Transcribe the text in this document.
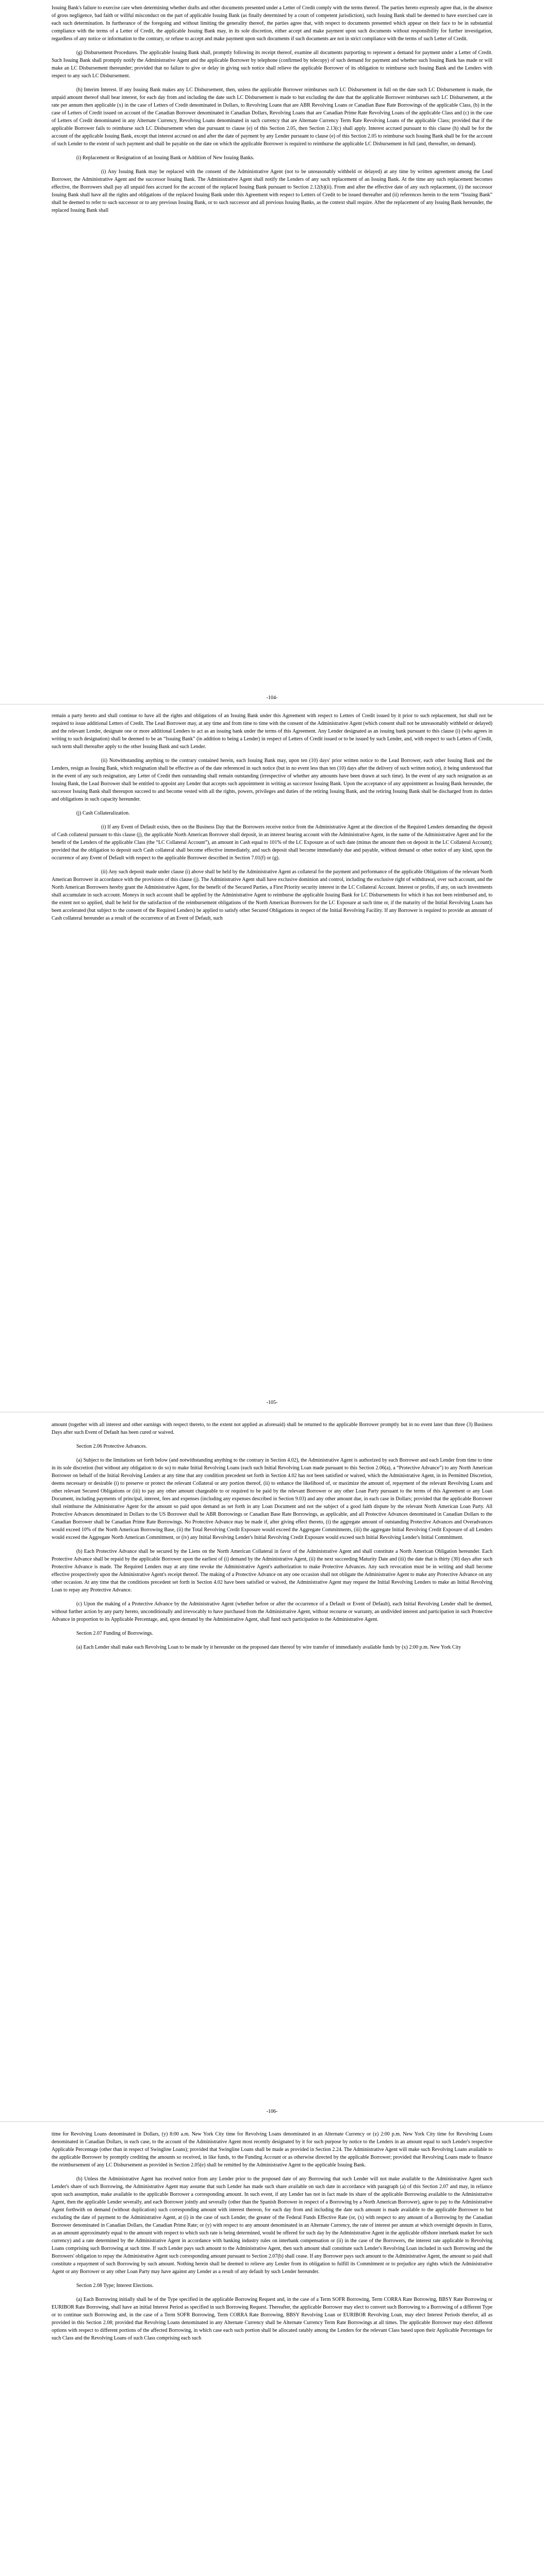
Issuing Bank's failure to exercise care when determining whether drafts and other documents presented under a Letter of Credit comply with the terms thereof. The parties hereto expressly agree that, in the absence of gross negligence, bad faith or willful misconduct on the part of applicable Issuing Bank (as finally determined by a court of competent jurisdiction), such Issuing Bank shall be deemed to have exercised care in each such determination. In furtherance of the foregoing and without limiting the generality thereof, the parties agree that, with respect to documents presented which appear on their face to be in substantial compliance with the terms of a Letter of Credit, the applicable Issuing Bank may, in its sole discretion, either accept and make payment upon such documents without responsibility for further investigation, regardless of any notice or information to the contrary, or refuse to accept and make payment upon such documents if such documents are not in strict compliance with the terms of such Letter of Credit.

(g) Disbursement Procedures. The applicable Issuing Bank shall, promptly following its receipt thereof, examine all documents purporting to represent a demand for payment under a Letter of Credit. Such Issuing Bank shall promptly notify the Administrative Agent and the applicable Borrower by telephone (confirmed by telecopy) of such demand for payment and whether such Issuing Bank has made or will make an LC Disbursement thereunder; provided that no failure to give or delay in giving such notice shall relieve the applicable Borrower of its obligation to reimburse such Issuing Bank and the Lenders with respect to any such LC Disbursement.

(h) Interim Interest. If any Issuing Bank makes any LC Disbursement, then, unless the applicable Borrower reimburses such LC Disbursement in full on the date such LC Disbursement is made, the unpaid amount thereof shall bear interest, for each day from and including the date such LC Disbursement is made to but excluding the date that the applicable Borrower reimburses such LC Disbursement, at the rate per annum then applicable (x) in the case of Letters of Credit denominated in Dollars, to Revolving Loans that are ABR Revolving Loans or Canadian Base Rate Borrowings of the applicable Class, (b) in the case of Letters of Credit issued on account of the Canadian Borrower denominated in Canadian Dollars, Revolving Loans that are Canadian Prime Rate Revolving Loans of the applicable Class and (c) in the case of Letters of Credit denominated in any Alternate Currency, Revolving Loans denominated in such currency that are Alternate Currency Term Rate Revolving Loans of the applicable Class; provided that if the applicable Borrower fails to reimburse such LC Disbursement when due pursuant to clause (e) of this Section 2.05, then Section 2.13(c) shall apply. Interest accrued pursuant to this clause (h) shall be for the account of the applicable Issuing Bank, except that interest accrued on and after the date of payment by any Lender pursuant to clause (e) of this Section 2.05 to reimburse such Issuing Bank shall be for the account of such Lender to the extent of such payment and shall be payable on the date on which the applicable Borrower is required to reimburse the applicable LC Disbursement in full (and, thereafter, on demand).

(i) Replacement or Resignation of an Issuing Bank or Addition of New Issuing Banks.

(i) Any Issuing Bank may be replaced with the consent of the Administrative Agent (not to be unreasonably withheld or delayed) at any time by written agreement among the Lead Borrower, the Administrative Agent and the successor Issuing Bank. The Administrative Agent shall notify the Lenders of any such replacement of an Issuing Bank. At the time any such replacement becomes effective, the Borrowers shall pay all unpaid fees accrued for the account of the replaced Issuing Bank pursuant to Section 2.12(b)(ii). From and after the effective date of any such replacement, (i) the successor Issuing Bank shall have all the rights and obligations of the replaced Issuing Bank under this Agreement with respect to Letters of Credit to be issued thereafter and (ii) references herein to the term “Issuing Bank” shall be deemed to refer to such successor or to any previous Issuing Bank, or to such successor and all previous Issuing Banks, as the context shall require. After the replacement of any Issuing Bank hereunder, the replaced Issuing Bank shall

-104-

remain a party hereto and shall continue to have all the rights and obligations of an Issuing Bank under this Agreement with respect to Letters of Credit issued by it prior to such replacement, but shall not be required to issue additional Letters of Credit. The Lead Borrower may, at any time and from time to time with the consent of the Administrative Agent (which consent shall not be unreasonably withheld or delayed) and the relevant Lender, designate one or more additional Lenders to act as an issuing bank under the terms of this Agreement. Any Lender designated as an issuing bank pursuant to this clause (i) (who agrees in writing to such designation) shall be deemed to be an “Issuing Bank” (in addition to being a Lender) in respect of Letters of Credit issued or to be issued by such Lender, and, with respect to such Letters of Credit, such term shall thereafter apply to the other Issuing Bank and such Lender.

(ii) Notwithstanding anything to the contrary contained herein, each Issuing Bank may, upon ten (10) days' prior written notice to the Lead Borrower, each other Issuing Bank and the Lenders, resign as Issuing Bank, which resignation shall be effective as of the date referenced in such notice (but in no event less than ten (10) days after the delivery of such written notice), it being understood that in the event of any such resignation, any Letter of Credit then outstanding shall remain outstanding (irrespective of whether any amounts have been drawn at such time). In the event of any such resignation as an Issuing Bank, the Lead Borrower shall be entitled to appoint any Lender that accepts such appointment in writing as successor Issuing Bank. Upon the acceptance of any appointment as Issuing Bank hereunder, the successor Issuing Bank shall thereupon succeed to and become vested with all the rights, powers, privileges and duties of the retiring Issuing Bank, and the retiring Issuing Bank shall be discharged from its duties and obligations in such capacity hereunder.

(j) Cash Collateralization.

(i) If any Event of Default exists, then on the Business Day that the Borrowers receive notice from the Administrative Agent at the direction of the Required Lenders demanding the deposit of Cash collateral pursuant to this clause (j), the applicable North American Borrower shall deposit, in an interest bearing account with the Administrative Agent, in the name of the Administrative Agent and for the benefit of the Lenders of the applicable Class (the “LC Collateral Account”), an amount in Cash equal to 101% of the LC Exposure as of such date (minus the amount then on deposit in the LC Collateral Account); provided that the obligation to deposit such Cash collateral shall become effective immediately, and such deposit shall become immediately due and payable, without demand or other notice of any kind, upon the occurrence of any Event of Default with respect to the applicable Borrower described in Section 7.01(f) or (g).

(ii) Any such deposit made under clause (i) above shall be held by the Administrative Agent as collateral for the payment and performance of the applicable Obligations of the relevant North American Borrower in accordance with the provisions of this clause (j). The Administrative Agent shall have exclusive dominion and control, including the exclusive right of withdrawal, over such account, and the North American Borrowers hereby grant the Administrative Agent, for the benefit of the Secured Parties, a First Priority security interest in the LC Collateral Account. Interest or profits, if any, on such investments shall accumulate in such account. Moneys in such account shall be applied by the Administrative Agent to reimburse the applicable Issuing Bank for LC Disbursements for which it has not been reimbursed and, to the extent not so applied, shall be held for the satisfaction of the reimbursement obligations of the North American Borrowers for the LC Exposure at such time or, if the maturity of the Initial Revolving Loans has been accelerated (but subject to the consent of the Required Lenders) be applied to satisfy other Secured Obligations in respect of the Initial Revolving Facility. If any Borrower is required to provide an amount of Cash collateral hereunder as a result of the occurrence of an Event of Default, such

-105-

amount (together with all interest and other earnings with respect thereto, to the extent not applied as aforesaid) shall be returned to the applicable Borrower promptly but in no event later than three (3) Business Days after such Event of Default has been cured or waived.

Section 2.06 Protective Advances.

(a) Subject to the limitations set forth below (and notwithstanding anything to the contrary in Section 4.02), the Administrative Agent is authorized by each Borrower and each Lender from time to time in its sole discretion (but without any obligation to do so) to make Initial Revolving Loans (each such Initial Revolving Loan made pursuant to this Section 2.06(a), a “Protective Advance”) to any North American Borrower on behalf of the Initial Revolving Lenders at any time that any condition precedent set forth in Section 4.02 has not been satisfied or waived, which the Administrative Agent, in its Permitted Discretion, deems necessary or desirable (i) to preserve or protect the relevant Collateral or any portion thereof, (ii) to enhance the likelihood of, or maximize the amount of, repayment of the relevant Revolving Loans and other relevant Secured Obligations or (iii) to pay any other amount chargeable to or required to be paid by the relevant Borrower or any other Loan Party pursuant to the terms of this Agreement or any Loan Document, including payments of principal, interest, fees and expenses (including any expenses described in Section 9.03) and any other amount due, in each case in Dollars; provided that the applicable Borrower shall reimburse the Administrative Agent for the amount so paid upon demand as set forth in any Loan Document and not the subject of a good faith dispute by the relevant North American Loan Party. All Protective Advances denominated in Dollars to the US Borrower shall be ABR Borrowings or Canadian Base Rate Borrowings, as applicable, and all Protective Advances denominated in Canadian Dollars to the Canadian Borrower shall be Canadian Prime Rate Borrowings. No Protective Advance may be made if, after giving effect thereto, (i) the aggregate amount of outstanding Protective Advances and Overadvances would exceed 10% of the North American Borrowing Base, (ii) the Total Revolving Credit Exposure would exceed the Aggregate Commitments, (iii) the aggregate Initial Revolving Credit Exposure of all Lenders would exceed the Aggregate North American Commitment, or (iv) any Initial Revolving Lender's Initial Revolving Credit Exposure would exceed such Initial Revolving Lender's Initial Commitment.

(b) Each Protective Advance shall be secured by the Liens on the North American Collateral in favor of the Administrative Agent and shall constitute a North American Obligation hereunder. Each Protective Advance shall be repaid by the applicable Borrower upon the earliest of (i) demand by the Administrative Agent, (ii) the next succeeding Maturity Date and (iii) the date that is thirty (30) days after such Protective Advance is made. The Required Lenders may at any time revoke the Administrative Agent's authorization to make Protective Advances. Any such revocation must be in writing and shall become effective prospectively upon the Administrative Agent's receipt thereof. The making of a Protective Advance on any one occasion shall not obligate the Administrative Agent to make any Protective Advance on any other occasion. At any time that the conditions precedent set forth in Section 4.02 have been satisfied or waived, the Administrative Agent may request the Initial Revolving Lenders to make an Initial Revolving Loan to repay any Protective Advance.

(c) Upon the making of a Protective Advance by the Administrative Agent (whether before or after the occurrence of a Default or Event of Default), each Initial Revolving Lender shall be deemed, without further action by any party hereto, unconditionally and irrevocably to have purchased from the Administrative Agent, without recourse or warranty, an undivided interest and participation in such Protective Advance in proportion to its Applicable Percentage, and, upon demand by the Administrative Agent, shall fund such participation to the Administrative Agent.

Section 2.07 Funding of Borrowings.

(a) Each Lender shall make each Revolving Loan to be made by it hereunder on the proposed date thereof by wire transfer of immediately available funds by (x) 2:00 p.m. New York City

-106-

time for Revolving Loans denominated in Dollars, (y) 8:00 a.m. New York City time for Revolving Loans denominated in an Alternate Currency or (z) 2:00 p.m. New York City time for Revolving Loans denominated in Canadian Dollars, in each case, to the account of the Administrative Agent most recently designated by it for such purpose by notice to the Lenders in an amount equal to such Lender's respective Applicable Percentage (other than in respect of Swingline Loans); provided that Swingline Loans shall be made as provided in Section 2.24. The Administrative Agent will make such Revolving Loans available to the applicable Borrower by promptly crediting the amounts so received, in like funds, to the Funding Account or as otherwise directed by the applicable Borrower; provided that Revolving Loans made to finance the reimbursement of any LC Disbursement as provided in Section 2.05(e) shall be remitted by the Administrative Agent to the applicable Issuing Bank.

(b) Unless the Administrative Agent has received notice from any Lender prior to the proposed date of any Borrowing that such Lender will not make available to the Administrative Agent such Lender's share of such Borrowing, the Administrative Agent may assume that such Lender has made such share available on such date in accordance with paragraph (a) of this Section 2.07 and may, in reliance upon such assumption, make available to the applicable Borrower a corresponding amount. In such event, if any Lender has not in fact made its share of the applicable Borrowing available to the Administrative Agent, then the applicable Lender severally, and each Borrower jointly and severally (other than the Spanish Borrower in respect of a Borrowing by a North American Borrower), agree to pay to the Administrative Agent forthwith on demand (without duplication) such corresponding amount with interest thereon, for each day from and including the date such amount is made available to the applicable Borrower to but excluding the date of payment to the Administrative Agent, at (i) in the case of such Lender, the greater of the Federal Funds Effective Rate (or, (x) with respect to any amount of a Borrowing by the Canadian Borrower denominated in Canadian Dollars, the Canadian Prime Rate; or (y) with respect to any amount denominated in an Alternate Currency, the rate of interest per annum at which overnight deposits in Euros, as an amount approximately equal to the amount with respect to which such rate is being determined, would be offered for such day by the Administrative Agent in the applicable offshore interbank market for such currency) and a rate determined by the Administrative Agent in accordance with banking industry rules on interbank compensation or (ii) in the case of the Borrowers, the interest rate applicable to Revolving Loans comprising such Borrowing at such time. If such Lender pays such amount to the Administrative Agent, then such amount shall constitute such Lender's Revolving Loan included in such Borrowing and the Borrowers' obligation to repay the Administrative Agent such corresponding amount pursuant to Section 2.07(b) shall cease. If any Borrower pays such amount to the Administrative Agent, the amount so paid shall constitute a repayment of such Borrowing by such amount. Nothing herein shall be deemed to relieve any Lender from its obligation to fulfill its Commitment or to prejudice any rights which the Administrative Agent or any Borrower or any other Loan Party may have against any Lender as a result of any default by such Lender hereunder.

Section 2.08 Type; Interest Elections.

(a) Each Borrowing initially shall be of the Type specified in the applicable Borrowing Request and, in the case of a Term SOFR Borrowing, Term CORRA Rate Borrowing, BBSY Rate Borrowing or EURIBOR Rate Borrowing, shall have an initial Interest Period as specified in such Borrowing Request. Thereafter, the applicable Borrower may elect to convert such Borrowing to a Borrowing of a different Type or to continue such Borrowing and, in the case of a Term SOFR Borrowing, Term CORRA Rate Borrowing, BBSY Revolving Loan or EURIBOR Revolving Loan, may elect Interest Periods therefor, all as provided in this Section 2.08; provided that Revolving Loans denominated in any Alternate Currency shall be Alternate Currency Term Rate Borrowings at all times. The applicable Borrower may elect different options with respect to different portions of the affected Borrowing, in which case each such portion shall be allocated ratably among the Lenders for the relevant Class based upon their Applicable Percentages for such Class and the Revolving Loans of such Class comprising each such
